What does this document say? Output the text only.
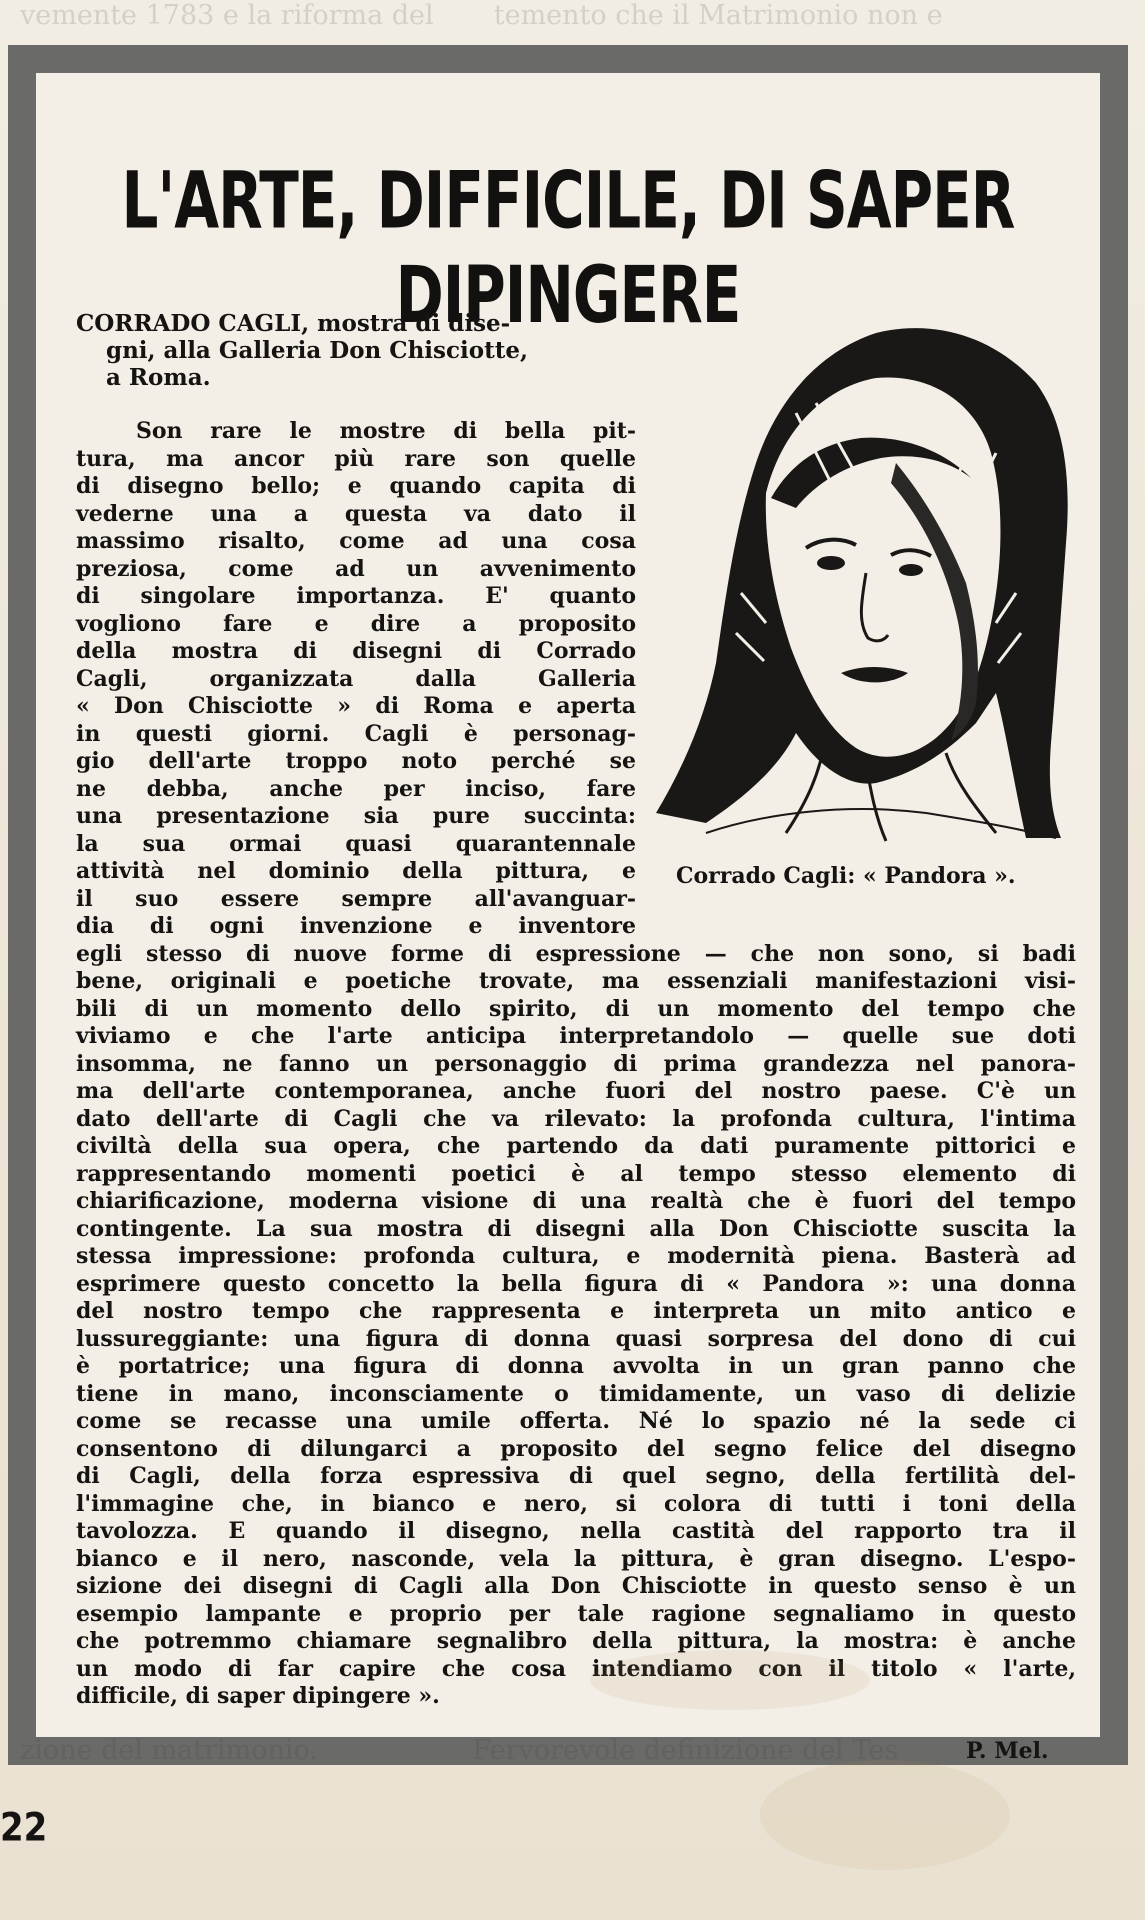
vemente 1783 e la riforma del       temento che il Matrimonio non e
L'ARTE, DIFFICILE, DI SAPER DIPINGERE
CORRADO CAGLI, mostra di dise-
gni, alla Galleria Don Chisciotte,
a Roma.
Son rare le mostre di bella pit-
tura, ma ancor più rare son quelle
di disegno bello; e quando capita di
vederne una a questa va dato il
massimo risalto, come ad una cosa
preziosa, come ad un avvenimento
di singolare importanza. E' quanto
vogliono fare e dire a proposito
della mostra di disegni di Corrado
Cagli, organizzata dalla Galleria
« Don Chisciotte » di Roma e aperta
in questi giorni. Cagli è personag-
gio dell'arte troppo noto perché se
ne debba, anche per inciso, fare
una presentazione sia pure succinta:
la sua ormai quasi quarantennale
attività nel dominio della pittura, e
il suo essere sempre all'avanguar-
dia di ogni invenzione e inventore
egli stesso di nuove forme di espressione — che non sono, si badi
bene, originali e poetiche trovate, ma essenziali manifestazioni visi-
bili di un momento dello spirito, di un momento del tempo che
viviamo e che l'arte anticipa interpretandolo — quelle sue doti
insomma, ne fanno un personaggio di prima grandezza nel panora-
ma dell'arte contemporanea, anche fuori del nostro paese. C'è un
dato dell'arte di Cagli che va rilevato: la profonda cultura, l'intima
civiltà della sua opera, che partendo da dati puramente pittorici e
rappresentando momenti poetici è al tempo stesso elemento di
chiarificazione, moderna visione di una realtà che è fuori del tempo
contingente. La sua mostra di disegni alla Don Chisciotte suscita la
stessa impressione: profonda cultura, e modernità piena. Basterà ad
esprimere questo concetto la bella figura di « Pandora »: una donna
del nostro tempo che rappresenta e interpreta un mito antico e
lussureggiante: una figura di donna quasi sorpresa del dono di cui
è portatrice; una figura di donna avvolta in un gran panno che
tiene in mano, inconsciamente o timidamente, un vaso di delizie
come se recasse una umile offerta. Né lo spazio né la sede ci
consentono di dilungarci a proposito del segno felice del disegno
di Cagli, della forza espressiva di quel segno, della fertilità del-
l'immagine che, in bianco e nero, si colora di tutti i toni della
tavolozza. E quando il disegno, nella castità del rapporto tra il
bianco e il nero, nasconde, vela la pittura, è gran disegno. L'espo-
sizione dei disegni di Cagli alla Don Chisciotte in questo senso è un
esempio lampante e proprio per tale ragione segnaliamo in questo
che potremmo chiamare segnalibro della pittura, la mostra: è anche
un modo di far capire che cosa intendiamo con il titolo « l'arte,
difficile, di saper dipingere ».
Corrado Cagli: « Pandora ».
P. Mel.
zione del matrimonio.                  Fervorevole definizione del Tes
22
